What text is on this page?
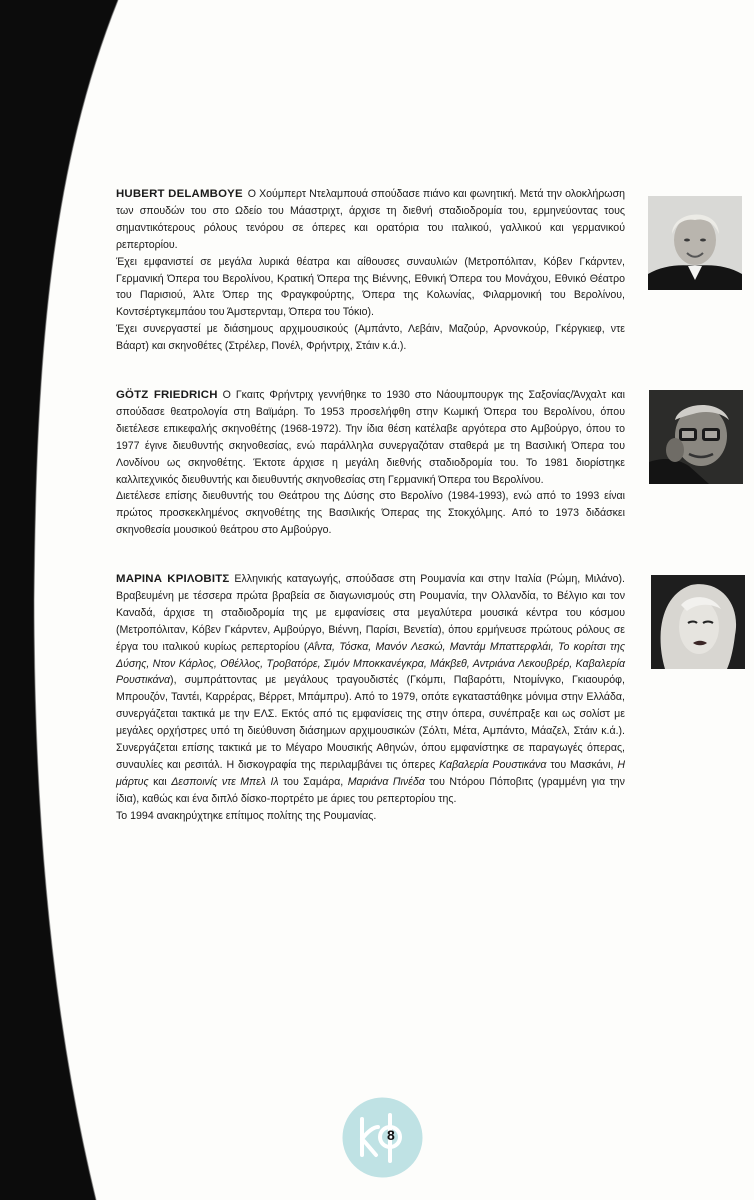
HUBERT DELAMBOYE Ο Χούμπερτ Ντελαμπουά σπούδασε πιάνο και φωνητική. Μετά την ολοκλήρωση των σπουδών του στο Ωδείο του Μάαστριχτ, άρχισε τη διεθνή σταδιοδρομία του, ερμηνεύοντας τους σημαντικότερους ρόλους τενόρου σε όπερες και ορατόρια του ιταλικού, γαλλικού και γερμανικού ρεπερτορίου.

Έχει εμφανιστεί σε μεγάλα λυρικά θέατρα και αίθουσες συναυλιών (Μετροπόλιταν, Κόβεν Γκάρντεν, Γερμανική Όπερα του Βερολίνου, Κρατική Όπερα της Βιέννης, Εθνική Όπερα του Μονάχου, Εθνικό Θέατρο του Παρισιού, Άλτε Όπερ της Φραγκφούρτης, Όπερα της Κολωνίας, Φιλαρμονική του Βερολίνου, Κοντσέρτγκεμπάου του Άμστερνταμ, Όπερα του Τόκιο).

Έχει συνεργαστεί με διάσημους αρχιμουσικούς (Αμπάντο, Λεβάιν, Μαζούρ, Αρνονκούρ, Γκέργκιεφ, ντε Βάαρτ) και σκηνοθέτες (Στρέλερ, Πονέλ, Φρήντριχ, Στάιν κ.ά.).

GÖTZ FRIEDRICH Ο Γκαιτς Φρήντριχ γεννήθηκε το 1930 στο Νάουμπουργκ της Σαξονίας/Άνχαλτ και σπούδασε θεατρολογία στη Βαϊμάρη. Το 1953 προσελήφθη στην Κωμική Όπερα του Βερολίνου, όπου διετέλεσε επικεφαλής σκηνοθέτης (1968-1972). Την ίδια θέση κατέλαβε αργότερα στο Αμβούργο, όπου το 1977 έγινε διευθυντής σκηνοθεσίας, ενώ παράλληλα συνεργαζόταν σταθερά με τη Βασιλική Όπερα του Λονδίνου ως σκηνοθέτης. Έκτοτε άρχισε η μεγάλη διεθνής σταδιοδρομία του. Το 1981 διορίστηκε καλλιτεχνικός διευθυντής και διευθυντής σκηνοθεσίας στη Γερμανική Όπερα του Βερολίνου.

Διετέλεσε επίσης διευθυντής του Θεάτρου της Δύσης στο Βερολίνο (1984-1993), ενώ από το 1993 είναι πρώτος προσκεκλημένος σκηνοθέτης της Βασιλικής Όπερας της Στοκχόλμης. Από το 1973 διδάσκει σκηνοθεσία μουσικού θεάτρου στο Αμβούργο.

ΜΑΡΙΝΑ ΚΡΙΛΟΒΙΤΣ Ελληνικής καταγωγής, σπούδασε στη Ρουμανία και στην Ιταλία (Ρώμη, Μιλάνο). Βραβευμένη με τέσσερα πρώτα βραβεία σε διαγωνισμούς στη Ρουμανία, την Ολλανδία, το Βέλγιο και τον Καναδά, άρχισε τη σταδιοδρομία της με εμφανίσεις στα μεγαλύτερα μουσικά κέντρα του κόσμου (Μετροπόλιταν, Κόβεν Γκάρντεν, Αμβούργο, Βιέννη, Παρίσι, Βενετία), όπου ερμήνευσε πρώτους ρόλους σε έργα του ιταλικού κυρίως ρεπερτορίου (Αΐντα, Τόσκα, Μανόν Λεσκώ, Μαντάμ Μπαττερφλάι, Το κορίτσι της Δύσης, Ντον Κάρλος, Οθέλλος, Τροβατόρε, Σιμόν Μποκκανέγκρα, Μάκβεθ, Αντριάνα Λεκουβρέρ, Καβαλερία Ρουστικάνα), συμπράττοντας με μεγάλους τραγουδιστές (Γκόμπι, Παβαρόττι, Ντομίνγκο, Γκιαουρόφ, Μπρουζόν, Ταντέι, Καρρέρας, Βέρρετ, Μπάμπρυ). Από το 1979, οπότε εγκαταστάθηκε μόνιμα στην Ελλάδα, συνεργάζεται τακτικά με την ΕΛΣ. Εκτός από τις εμφανίσεις της στην όπερα, συνέπραξε και ως σολίστ με μεγάλες ορχήστρες υπό τη διεύθυνση διάσημων αρχιμουσικών (Σόλτι, Μέτα, Αμπάντο, Μάαζελ, Στάιν κ.ά.). Συνεργάζεται επίσης τακτικά με το Μέγαρο Μουσικής Αθηνών, όπου εμφανίστηκε σε παραγωγές όπερας, συναυλίες και ρεσιτάλ. Η δισκογραφία της περιλαμβάνει τις όπερες Καβαλερία Ρουστικάνα του Μασκάνι, Η μάρτυς και Δεσποινίς ντε Μπελ Ιλ του Σαμάρα, Μαριάνα Πινέδα του Ντόρου Πόποβιτς (γραμμένη για την ίδια), καθώς και ένα διπλό δίσκο-πορτρέτο με άριες του ρεπερτορίου της.

Το 1994 ανακηρύχτηκε επίτιμος πολίτης της Ρουμανίας.

8
